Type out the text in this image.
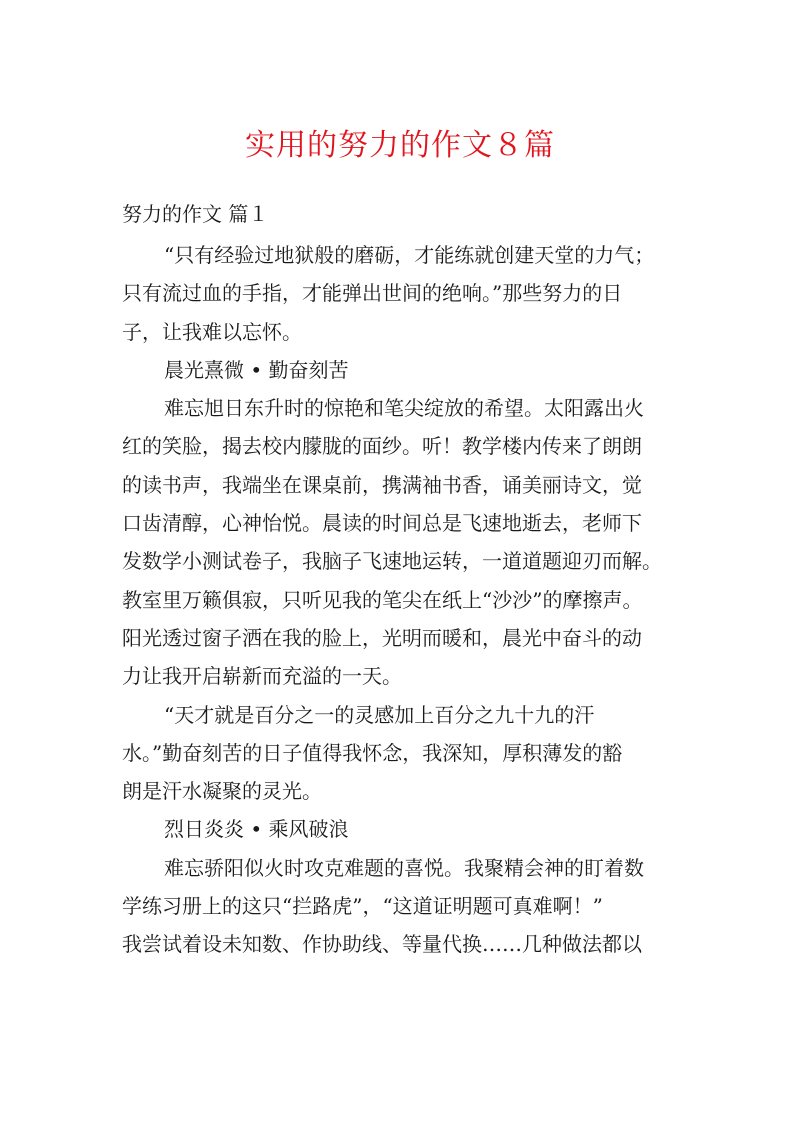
实用的努力的作文８篇
努力的作文 篇１
“只有经验过地狱般的磨砺，才能练就创建天堂的力气；
只有流过血的手指，才能弹出世间的绝响。”那些努力的日
子，让我难以忘怀。
晨光熹微 • 勤奋刻苦
难忘旭日东升时的惊艳和笔尖绽放的希望。太阳露出火
红的笑脸，揭去校内朦胧的面纱。听！教学楼内传来了朗朗
的读书声，我端坐在课桌前，携满袖书香，诵美丽诗文，觉
口齿清醇，心神怡悦。晨读的时间总是飞速地逝去，老师下
发数学小测试卷子，我脑子飞速地运转，一道道题迎刃而解。
教室里万籁俱寂，只听见我的笔尖在纸上“沙沙”的摩擦声。
阳光透过窗子洒在我的脸上，光明而暖和，晨光中奋斗的动
力让我开启崭新而充溢的一天。
“天才就是百分之一的灵感加上百分之九十九的汗
水。”勤奋刻苦的日子值得我怀念，我深知，厚积薄发的豁
朗是汗水凝聚的灵光。
烈日炎炎 • 乘风破浪
难忘骄阳似火时攻克难题的喜悦。我聚精会神的盯着数
学练习册上的这只“拦路虎”，“这道证明题可真难啊！”
我尝试着设未知数、作协助线、等量代换……几种做法都以
